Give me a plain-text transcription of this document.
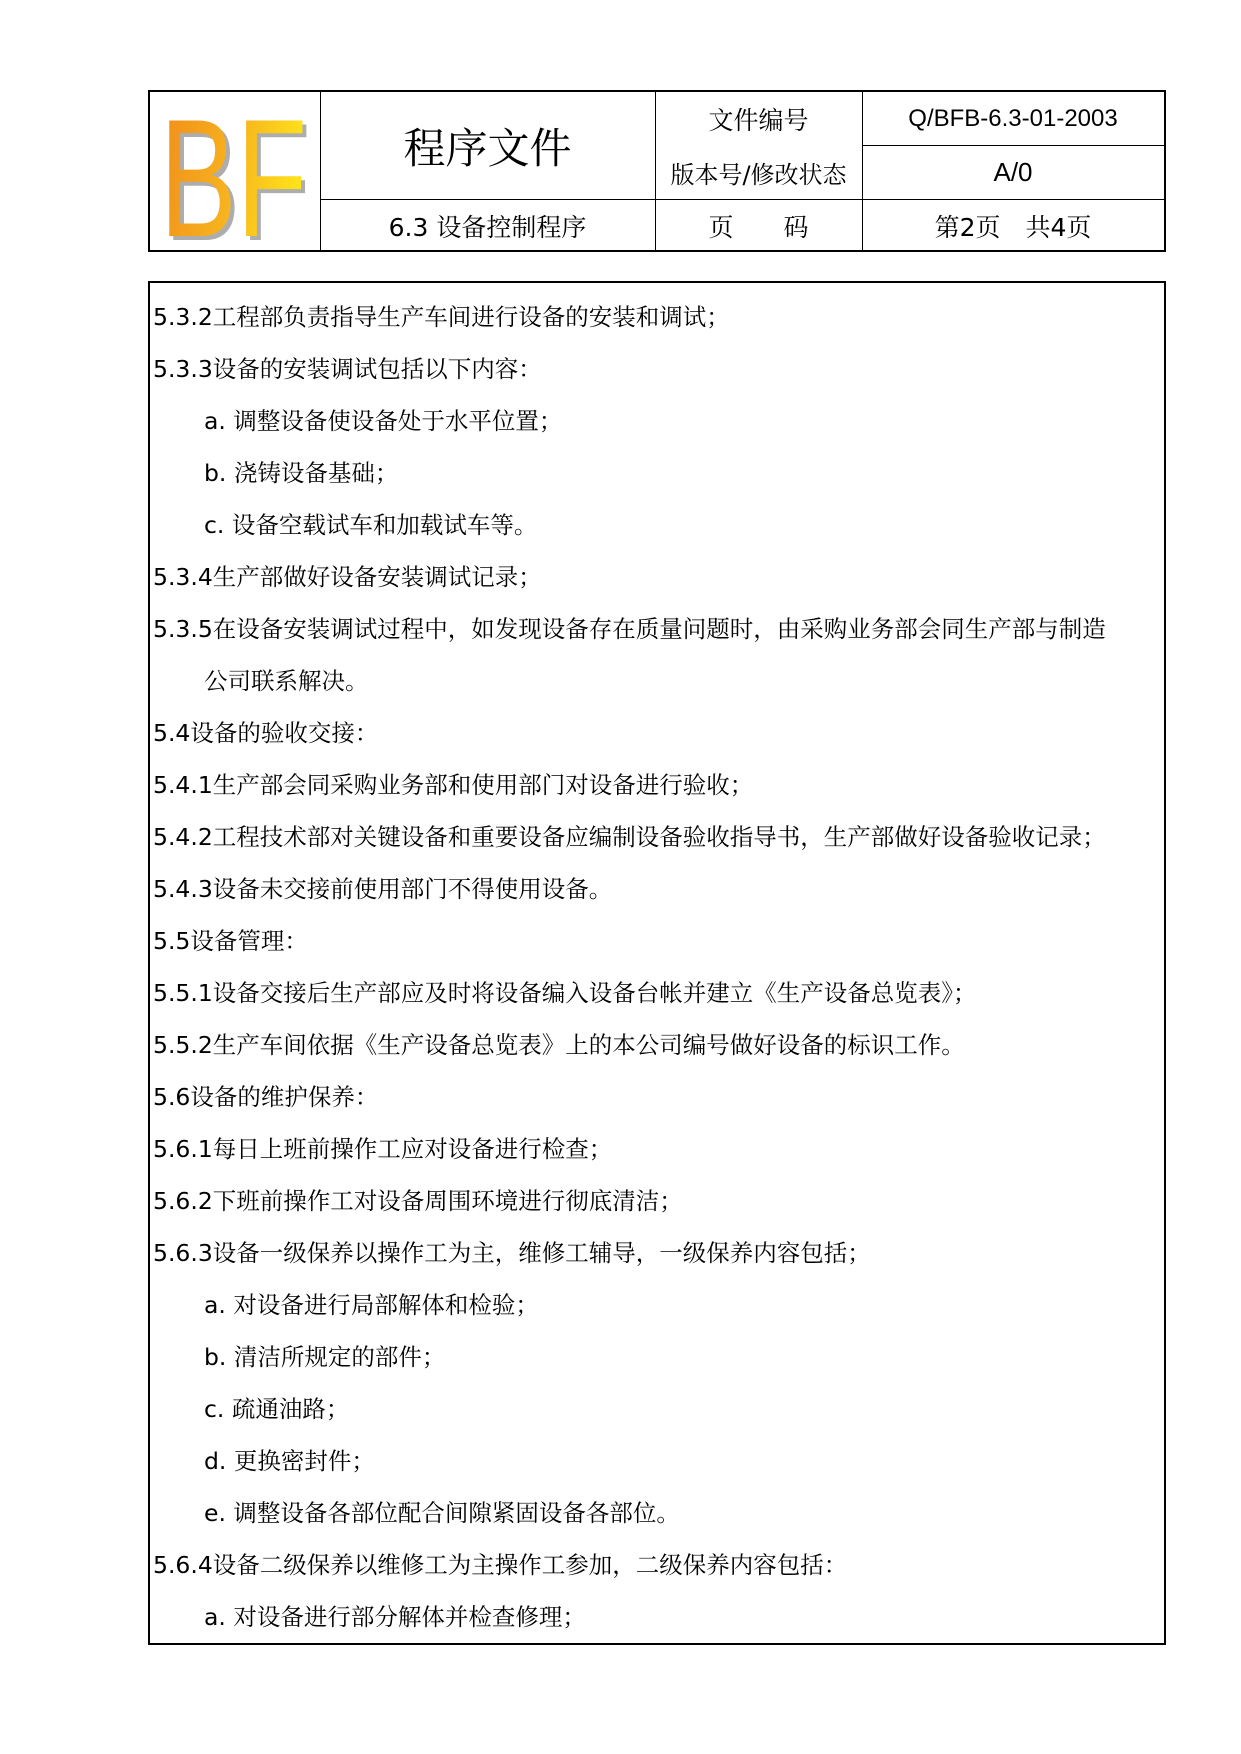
BF
BF	程序文件
6.3 设备控制程序
文件编号
版本号/修改状态
页　　码
Q/BFB-6.3-01-2003
A/0
第2页　共4页
5.3.2工程部负责指导生产车间进行设备的安装和调试；
5.3.3设备的安装调试包括以下内容：
a. 调整设备使设备处于水平位置；
b. 浇铸设备基础；
c. 设备空载试车和加载试车等。
5.3.4生产部做好设备安装调试记录；
5.3.5在设备安装调试过程中，如发现设备存在质量问题时，由采购业务部会同生产部与制造
公司联系解决。
5.4设备的验收交接：
5.4.1生产部会同采购业务部和使用部门对设备进行验收；
5.4.2工程技术部对关键设备和重要设备应编制设备验收指导书，生产部做好设备验收记录；
5.4.3设备未交接前使用部门不得使用设备。
5.5设备管理：
5.5.1设备交接后生产部应及时将设备编入设备台帐并建立《生产设备总览表》；
5.5.2生产车间依据《生产设备总览表》上的本公司编号做好设备的标识工作。
5.6设备的维护保养：
5.6.1每日上班前操作工应对设备进行检查；
5.6.2下班前操作工对设备周围环境进行彻底清洁；
5.6.3设备一级保养以操作工为主，维修工辅导，一级保养内容包括；
a. 对设备进行局部解体和检验；
b. 清洁所规定的部件；
c. 疏通油路；
d. 更换密封件；
e. 调整设备各部位配合间隙紧固设备各部位。
5.6.4设备二级保养以维修工为主操作工参加，二级保养内容包括：
a. 对设备进行部分解体并检查修理；
